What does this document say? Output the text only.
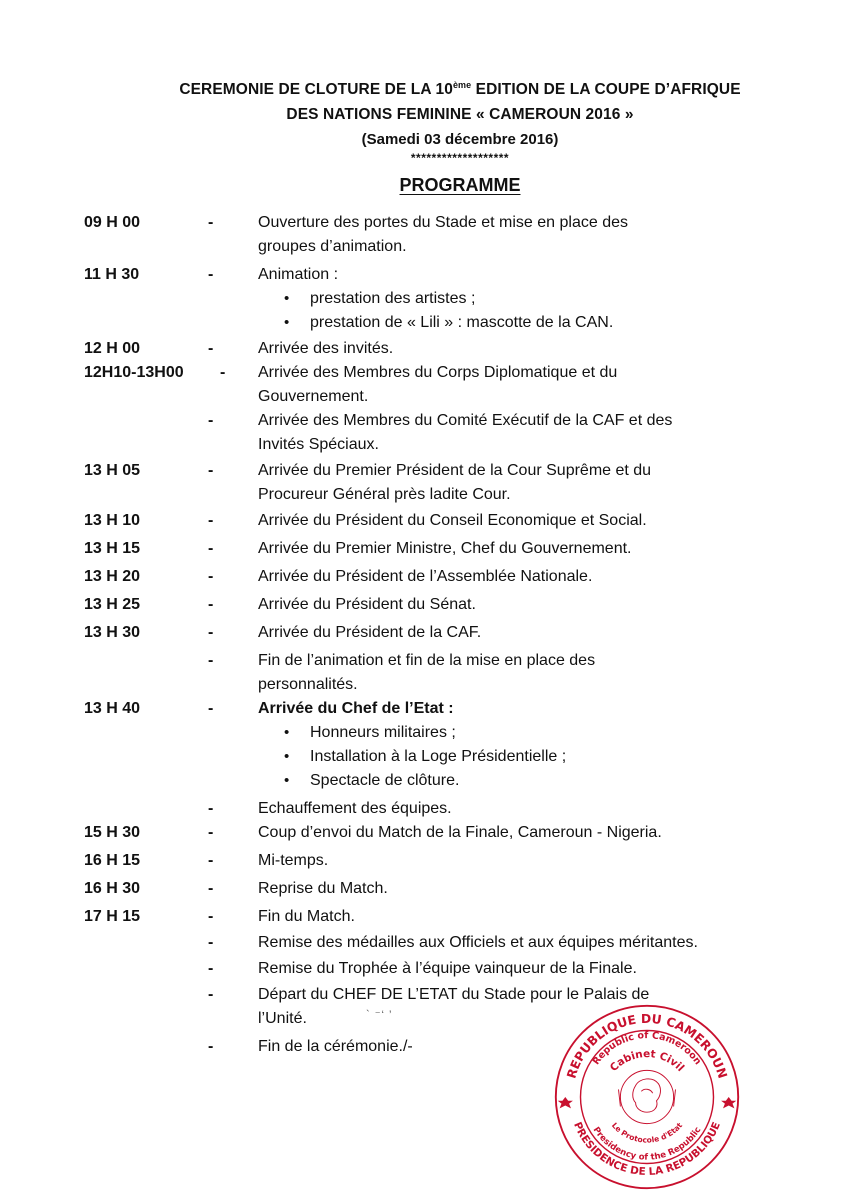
CEREMONIE DE CLOTURE DE LA 10ème EDITION DE LA COUPE D’AFRIQUE
DES NATIONS FEMININE « CAMEROUN 2016 »
(Samedi 03 décembre 2016)
*******************
PROGRAMME
09 H 00	-	Ouverture des portes du Stade et mise en place des
groupes d’animation.
11 H 30	-	Animation :
• prestation des artistes ;
• prestation de « Lili » : mascotte de la CAN.
12 H 00	-	Arrivée des invités.
12H10-13H00	-	Arrivée des Membres du Corps Diplomatique et du
Gouvernement.
-	Arrivée des Membres du Comité Exécutif de la CAF et des
Invités Spéciaux.
13 H 05	-	Arrivée du Premier Président de la Cour Suprême et du
Procureur Général près ladite Cour.
13 H 10	-	Arrivée du Président du Conseil Economique et Social.
13 H 15	-	Arrivée du Premier Ministre, Chef du Gouvernement.
13 H 20	-	Arrivée du Président de l’Assemblée Nationale.
13 H 25	-	Arrivée du Président du Sénat.
13 H 30	-	Arrivée du Président de la CAF.
-	Fin de l’animation et fin de la mise en place des
personnalités.
13 H 40	-	Arrivée du Chef de l’Etat :
• Honneurs militaires ;
• Installation à la Loge Présidentielle ;
• Spectacle de clôture.
-	Echauffement des équipes.
15 H 30	-	Coup d’envoi du Match de la Finale, Cameroun - Nigeria.
16 H 15	-	Mi-temps.
16 H 30	-	Reprise du Match.
17 H 15	-	Fin du Match.
-	Remise des médailles aux Officiels et aux équipes méritantes.
-	Remise du Trophée à l’équipe vainqueur de la Finale.
-	Départ du CHEF DE L’ETAT du Stade pour le Palais de
l’Unité.
-	Fin de la cérémonie./-
` ⁻‘ ’
REPUBLIQUE DU CAMEROUN
PRESIDENCE DE LA REPUBLIQUE
Republic of Cameroon
Presidency of the Republic
Cabinet Civil
Le Protocole d'Etat
